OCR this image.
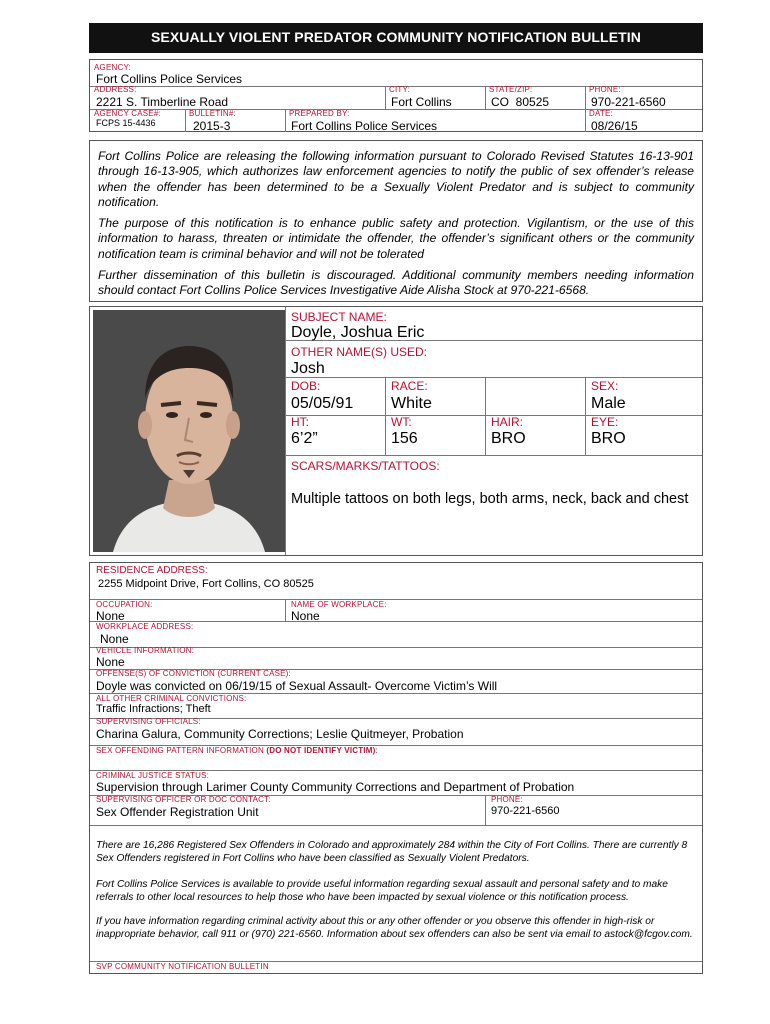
SEXUALLY VIOLENT PREDATOR COMMUNITY NOTIFICATION BULLETIN
AGENCY:
Fort Collins Police Services
ADDRESS:
2221 S. Timberline Road
CITY:
Fort Collins
STATE/ZIP:
CO  80525
PHONE:
970-221-6560
AGENCY CASE#:
FCPS 15-4436
BULLETIN#:
2015-3
PREPARED BY:
Fort Collins Police Services
DATE:
08/26/15

Fort Collins Police are releasing the following information pursuant to Colorado Revised Statutes 16-13-901 through 16-13-905, which authorizes law enforcement agencies to notify the public of sex offender’s release when the offender has been determined to be a Sexually Violent Predator and is subject to community notification.

The purpose of this notification is to enhance public safety and protection. Vigilantism, or the use of this information to harass, threaten or intimidate the offender, the offender’s significant others or the community notification team is criminal behavior and will not be tolerated

Further dissemination of this bulletin is discouraged. Additional community members needing information should contact Fort Collins Police Services Investigative Aide Alisha Stock at 970-221-6568.

SUBJECT NAME:
Doyle, Joshua Eric
OTHER NAME(S) USED:
Josh
DOB:
05/05/91
RACE:
White
SEX:
Male
HT:
6’2”
WT:
156
HAIR:
BRO
EYE:
BRO
SCARS/MARKS/TATTOOS:
Multiple tattoos on both legs, both arms, neck, back and chest
RESIDENCE ADDRESS:
2255 Midpoint Drive, Fort Collins, CO 80525
OCCUPATION:
None
NAME OF WORKPLACE:
None
WORKPLACE ADDRESS:
None
VEHICLE INFORMATION:
None
OFFENSE(S) OF CONVICTION (CURRENT CASE):
Doyle was convicted on 06/19/15 of Sexual Assault- Overcome Victim’s Will
ALL OTHER CRIMINAL CONVICTIONS:
Traffic Infractions; Theft
SUPERVISING OFFICIALS:
Charina Galura, Community Corrections; Leslie Quitmeyer, Probation
SEX OFFENDING PATTERN INFORMATION (DO NOT IDENTIFY VICTIM):
CRIMINAL JUSTICE STATUS:
Supervision through Larimer County Community Corrections and Department of Probation
SUPERVISING OFFICER OR DOC CONTACT:
Sex Offender Registration Unit
PHONE:
970-221-6560
There are 16,286 Registered Sex Offenders in Colorado and approximately 284 within the City of Fort Collins. There are currently 8 Sex Offenders registered in Fort Collins who have been classified as Sexually Violent Predators.
Fort Collins Police Services is available to provide useful information regarding sexual assault and personal safety and to make referrals to other local resources to help those who have been impacted by sexual violence or this notification process.
If you have information regarding criminal activity about this or any other offender or you observe this offender in high-risk or inappropriate behavior, call 911 or (970) 221-6560. Information about sex offenders can also be sent via email to astock@fcgov.com.
SVP COMMUNITY NOTIFICATION BULLETIN
